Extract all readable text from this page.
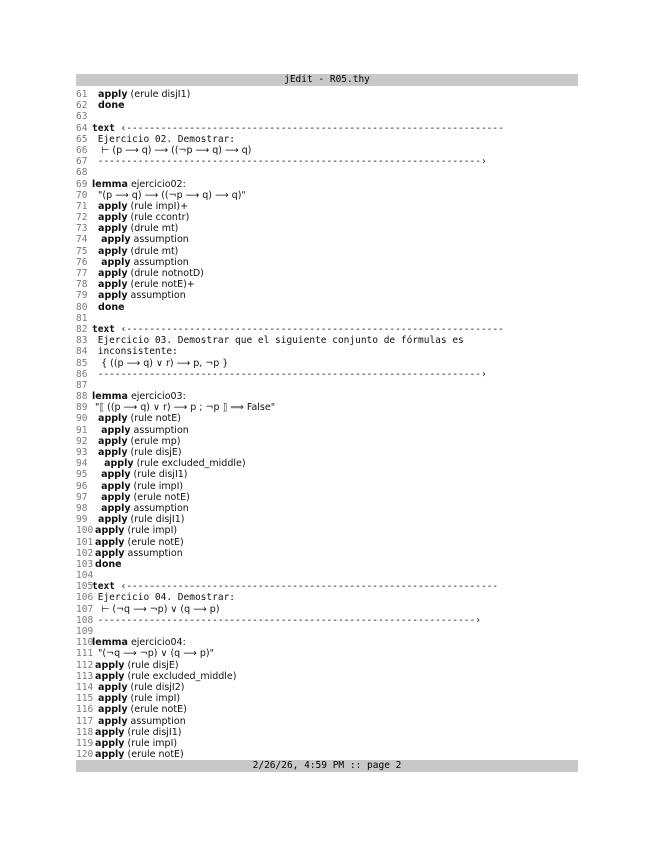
jEdit - R05.thy
61	apply (erule disjI1)
62	done
63
64 text ‹------------------------------------------------------------------
65	Ejercicio 02. Demostrar:
66	⊢ (p ⟶ q) ⟶ ((¬p ⟶ q) ⟶ q)
67	-------------------------------------------------------------------›
68
69 lemma ejercicio02:
70	"(p ⟶ q) ⟶ ((¬p ⟶ q) ⟶ q)"
71	apply (rule impI)+
72	apply (rule ccontr)
73	apply (drule mt)
74	apply assumption
75	apply (drule mt)
76	apply assumption
77	apply (drule notnotD)
78	apply (erule notE)+
79	apply assumption
80	done
81
82 text ‹------------------------------------------------------------------
83	Ejercicio 03. Demostrar que el siguiente conjunto de fórmulas es
84	inconsistente:
85	{ ((p ⟶ q) ∨ r) ⟶ p, ¬p }
86	-------------------------------------------------------------------›
87
88 lemma ejercicio03:
89 "⟦ ((p ⟶ q) ∨ r) ⟶ p ; ¬p ⟧ ⟹ False"
90	apply (rule notE)
91	apply assumption
92	apply (erule mp)
93	apply (rule disjE)
94	apply (rule excluded_middle)
95	apply (rule disjI1)
96	apply (rule impI)
97	apply (erule notE)
98	apply assumption
99	apply (rule disjI1)
100 apply (rule impI)
101 apply (erule notE)
102 apply assumption
103 done
104
105
text ‹-----------------------------------------------------------------
106 Ejercicio 04. Demostrar:
107 ⊢ (¬q ⟶ ¬p) ∨ (q ⟶ p)
108 ------------------------------------------------------------------›
109
110
lemma ejercicio04:
111 "(¬q ⟶ ¬p) ∨ (q ⟶ p)"
112 apply (rule disjE)
113 apply (rule excluded_middle)
114 apply (rule disjI2)
115 apply (rule impI)
116 apply (erule notE)
117 apply assumption
118 apply (rule disjI1)
119 apply (rule impI)
120 apply (erule notE)
2/26/26, 4:59 PM :: page 2
